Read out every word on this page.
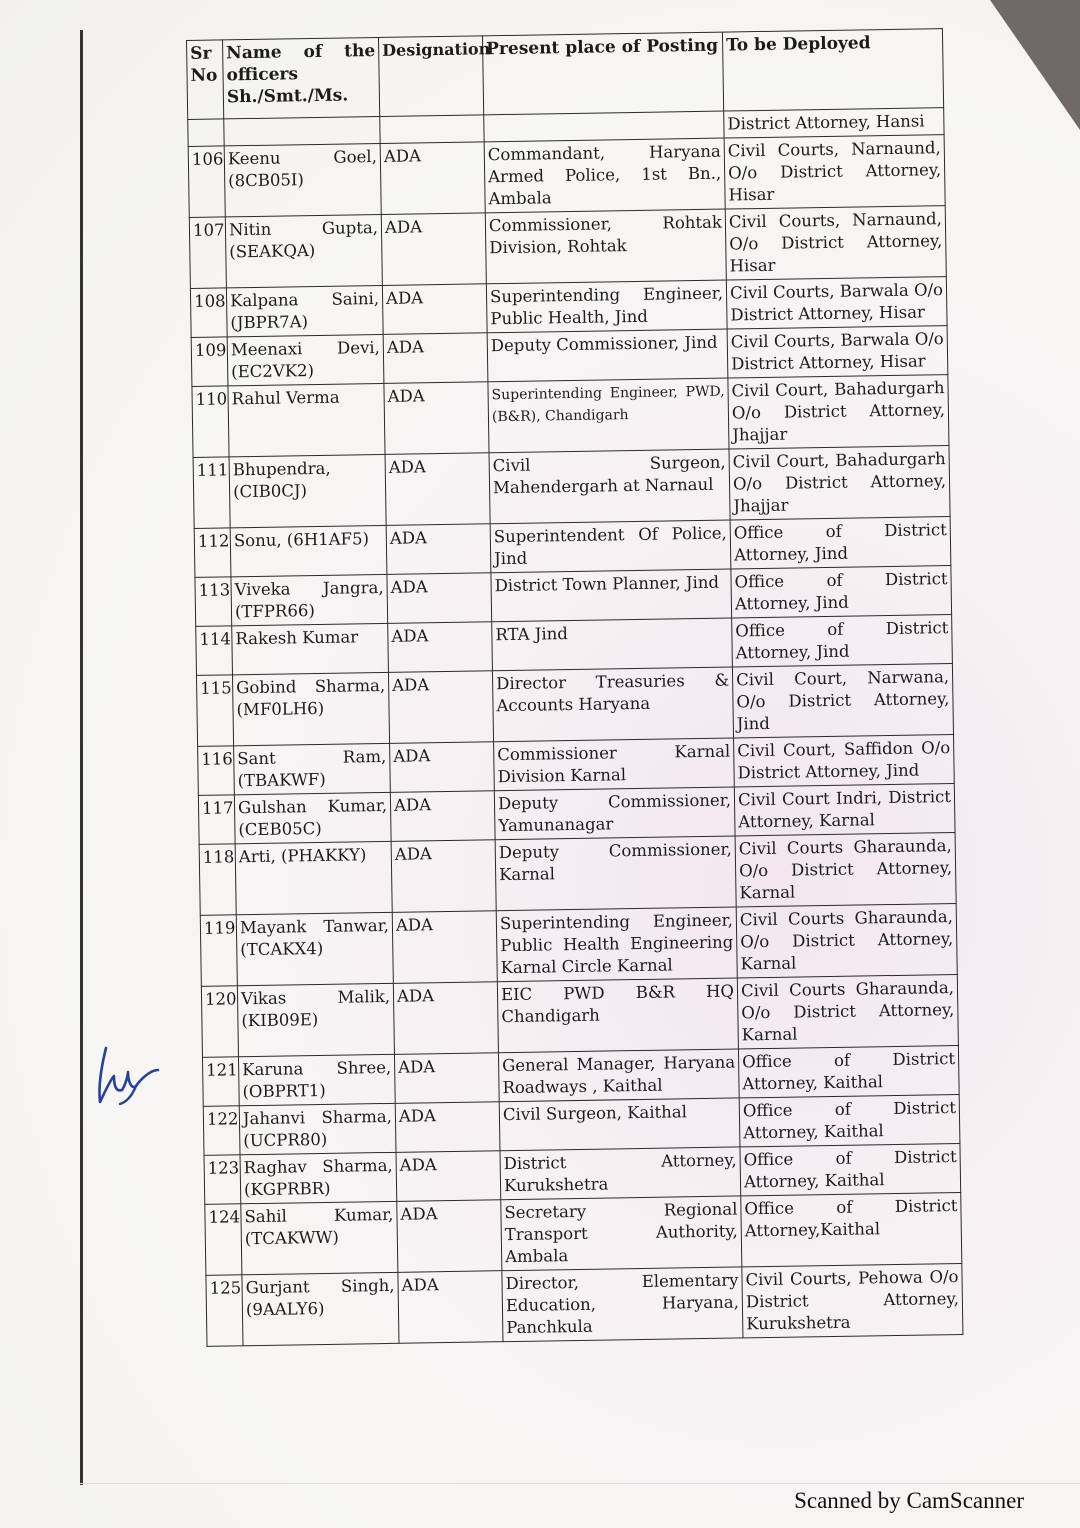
Sr No	Name of the officers Sh./Smt./Ms.	Designation	Present place of Posting	To be Deployed
				District Attorney, Hansi
106	Keenu Goel, (8CB05I)	ADA	Commandant, Haryana Armed Police, 1st Bn., Ambala	Civil Courts, Narnaund, O/o District Attorney, Hisar
107	Nitin Gupta, (SEAKQA)	ADA	Commissioner, Rohtak Division, Rohtak	Civil Courts, Narnaund, O/o District Attorney, Hisar
108	Kalpana Saini, (JBPR7A)	ADA	Superintending Engineer, Public Health, Jind	Civil Courts, Barwala O/o District Attorney, Hisar
109	Meenaxi Devi, (EC2VK2)	ADA	Deputy Commissioner, Jind	Civil Courts, Barwala O/o District Attorney, Hisar
110	Rahul Verma	ADA	Superintending Engineer, PWD, (B&R), Chandigarh	Civil Court, Bahadurgarh O/o District Attorney, Jhajjar
111	Bhupendra, (CIB0CJ)	ADA	Civil Surgeon, Mahendergarh at Narnaul	Civil Court, Bahadurgarh O/o District Attorney, Jhajjar
112	Sonu, (6H1AF5)	ADA	Superintendent Of Police, Jind	Office of District Attorney, Jind
113	Viveka Jangra, (TFPR66)	ADA	District Town Planner, Jind	Office of District Attorney, Jind
114	Rakesh Kumar	ADA	RTA Jind	Office of District Attorney, Jind
115	Gobind Sharma, (MF0LH6)	ADA	Director Treasuries & Accounts Haryana	Civil Court, Narwana, O/o District Attorney, Jind
116	Sant Ram, (TBAKWF)	ADA	Commissioner Karnal Division Karnal	Civil Court, Saffidon O/o District Attorney, Jind
117	Gulshan Kumar, (CEB05C)	ADA	Deputy Commissioner, Yamunanagar	Civil Court Indri, District Attorney, Karnal
118	Arti, (PHAKKY)	ADA	Deputy Commissioner, Karnal	Civil Courts Gharaunda, O/o District Attorney, Karnal
119	Mayank Tanwar, (TCAKX4)	ADA	Superintending Engineer, Public Health Engineering Karnal Circle Karnal	Civil Courts Gharaunda, O/o District Attorney, Karnal
120	Vikas Malik, (KIB09E)	ADA	EIC PWD B&R HQ Chandigarh	Civil Courts Gharaunda, O/o District Attorney, Karnal
121	Karuna Shree, (OBPRT1)	ADA	General Manager, Haryana Roadways , Kaithal	Office of District Attorney, Kaithal
122	Jahanvi Sharma, (UCPR80)	ADA	Civil Surgeon, Kaithal	Office of District Attorney, Kaithal
123	Raghav Sharma, (KGPRBR)	ADA	District Attorney, Kurukshetra	Office of District Attorney, Kaithal
124	Sahil Kumar, (TCAKWW)	ADA	Secretary Regional Transport Authority, Ambala	Office of District Attorney,Kaithal
125	Gurjant Singh, (9AALY6)	ADA	Director, Elementary Education, Haryana, Panchkula	Civil Courts, Pehowa O/o District Attorney, Kurukshetra
Scanned by CamScanner
